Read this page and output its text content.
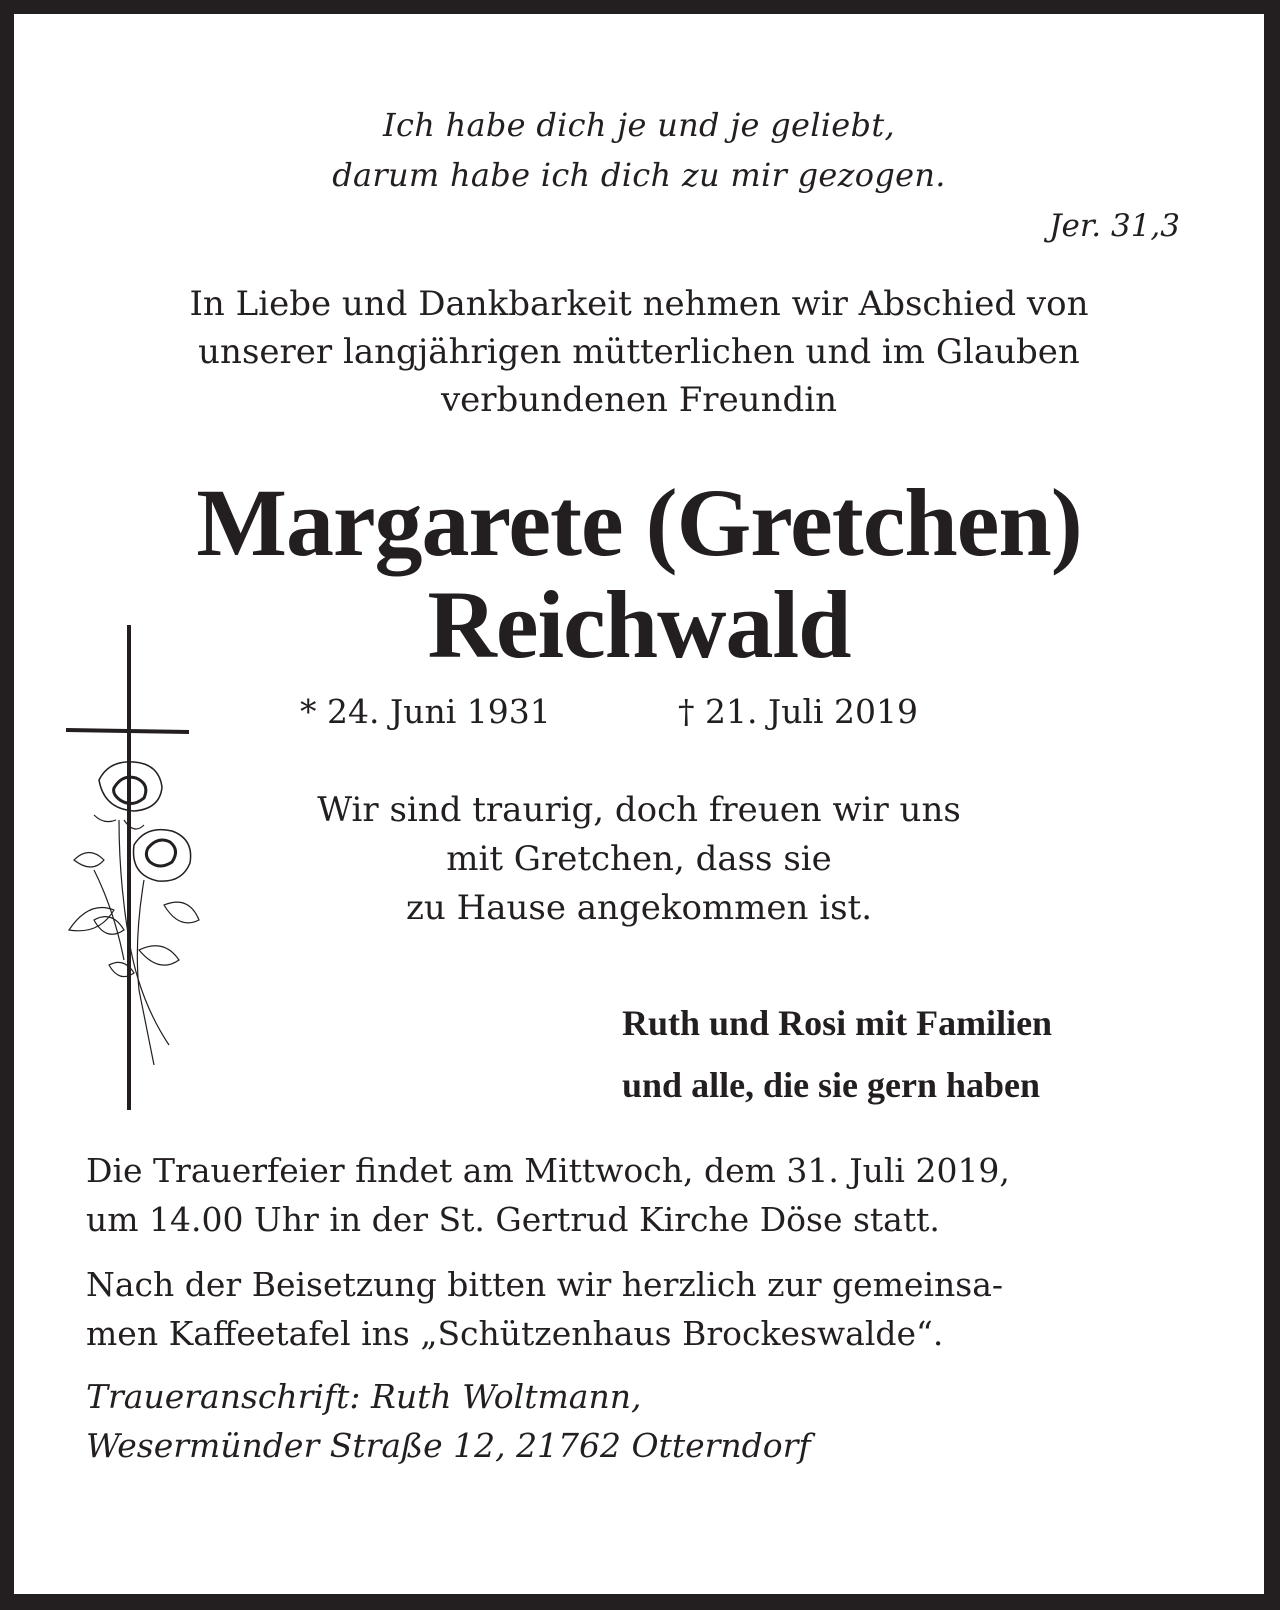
Ich habe dich je und je geliebt,
darum habe ich dich zu mir gezogen.
Jer. 31,3
In Liebe und Dankbarkeit nehmen wir Abschied von
unserer langjährigen mütterlichen und im Glauben
verbundenen Freundin
Margarete (Gretchen)
Reichwald
* 24. Juni 1931	† 21. Juli 2019
Wir sind traurig, doch freuen wir uns
mit Gretchen, dass sie
zu Hause angekommen ist.
Ruth und Rosi mit Familien
und alle, die sie gern haben
Die Trauerfeier findet am Mittwoch, dem 31. Juli 2019,
um 14.00 Uhr in der St. Gertrud Kirche Döse statt.
Nach der Beisetzung bitten wir herzlich zur gemeinsa-
men Kaffeetafel ins „Schützenhaus Brockeswalde“.
Traueranschrift: Ruth Woltmann,
Wesermünder Straße 12, 21762 Otterndorf
